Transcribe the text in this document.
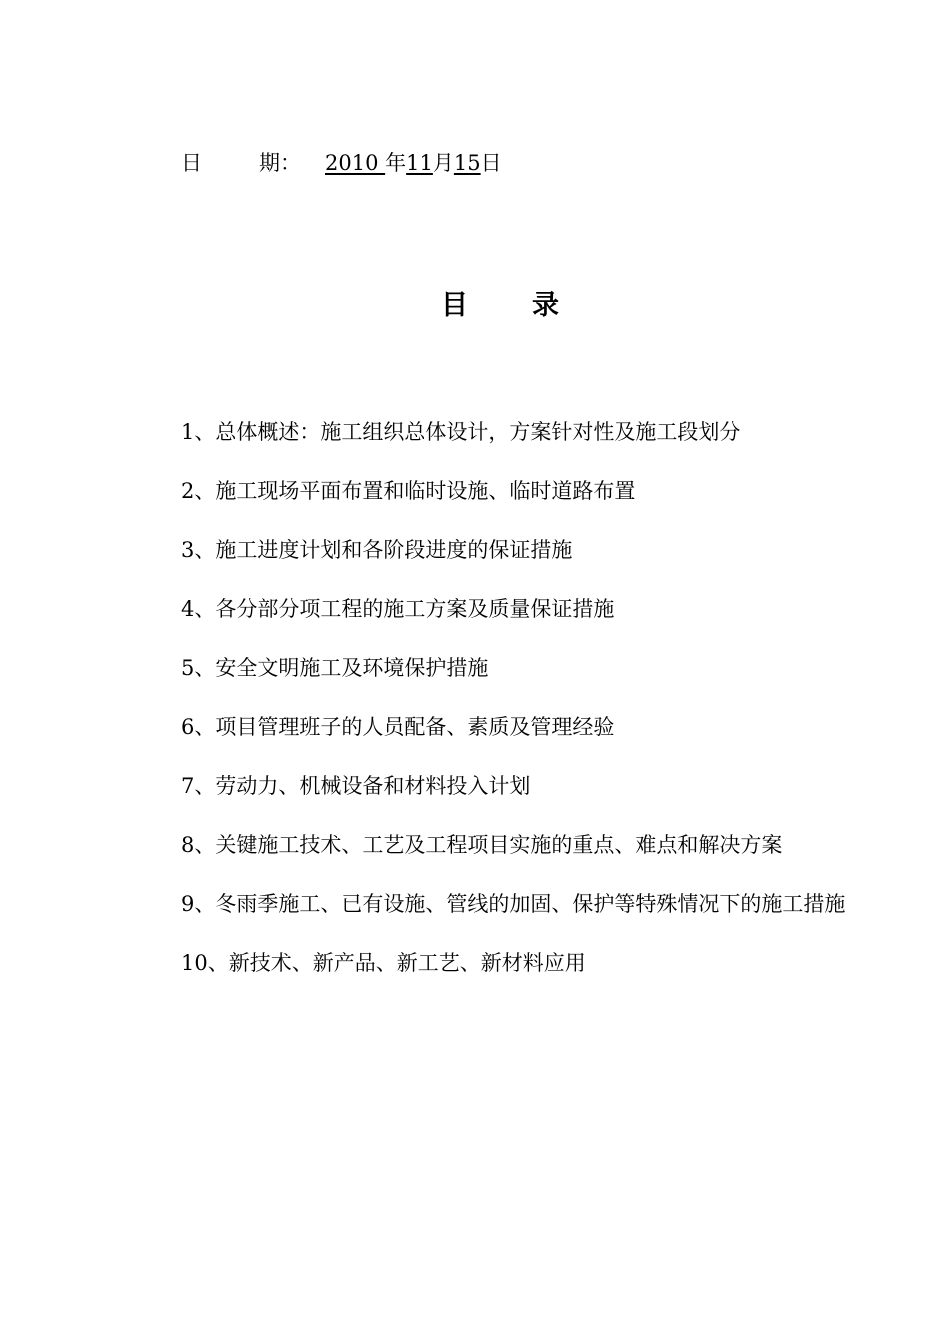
日	期： 2010 年11月15日
目 录
1、总体概述：施工组织总体设计，方案针对性及施工段划分
2、施工现场平面布置和临时设施、临时道路布置
3、施工进度计划和各阶段进度的保证措施
4、各分部分项工程的施工方案及质量保证措施
5、安全文明施工及环境保护措施
6、项目管理班子的人员配备、素质及管理经验
7、劳动力、机械设备和材料投入计划
8、关键施工技术、工艺及工程项目实施的重点、难点和解决方案
9、冬雨季施工、已有设施、管线的加固、保护等特殊情况下的施工措施
10、新技术、新产品、新工艺、新材料应用
